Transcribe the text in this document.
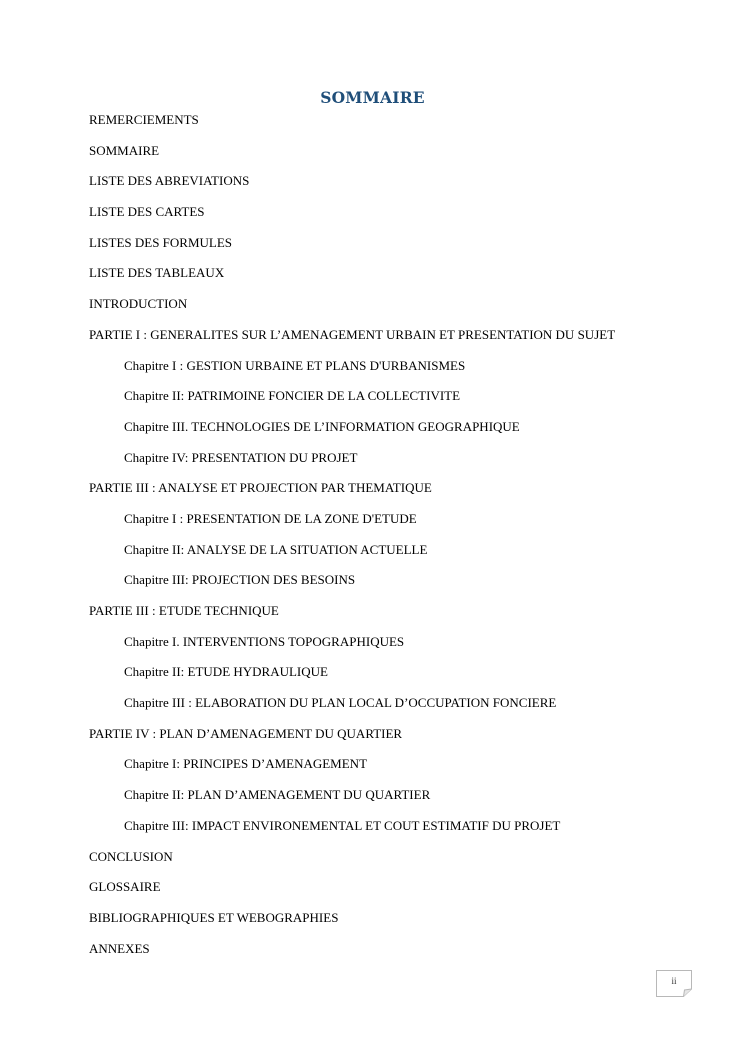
SOMMAIRE
REMERCIEMENTS
SOMMAIRE
LISTE DES ABREVIATIONS
LISTE DES CARTES
LISTES DES FORMULES
LISTE DES TABLEAUX
INTRODUCTION
PARTIE I : GENERALITES SUR L’AMENAGEMENT URBAIN ET PRESENTATION DU SUJET
Chapitre I : GESTION URBAINE ET PLANS D'URBANISMES
Chapitre II: PATRIMOINE FONCIER DE LA COLLECTIVITE
Chapitre III. TECHNOLOGIES DE L’INFORMATION GEOGRAPHIQUE
Chapitre IV: PRESENTATION DU PROJET
PARTIE III : ANALYSE ET PROJECTION PAR THEMATIQUE
Chapitre I : PRESENTATION DE LA ZONE D'ETUDE
Chapitre II: ANALYSE DE LA SITUATION ACTUELLE
Chapitre III: PROJECTION DES BESOINS
PARTIE III : ETUDE TECHNIQUE
Chapitre I. INTERVENTIONS TOPOGRAPHIQUES
Chapitre II: ETUDE HYDRAULIQUE
Chapitre III : ELABORATION DU PLAN LOCAL D’OCCUPATION FONCIERE
PARTIE IV : PLAN D’AMENAGEMENT DU QUARTIER
Chapitre I: PRINCIPES D’AMENAGEMENT
Chapitre II: PLAN D’AMENAGEMENT DU QUARTIER
Chapitre III: IMPACT ENVIRONEMENTAL ET COUT ESTIMATIF DU PROJET
CONCLUSION
GLOSSAIRE
BIBLIOGRAPHIQUES ET WEBOGRAPHIES
ANNEXES
ii
